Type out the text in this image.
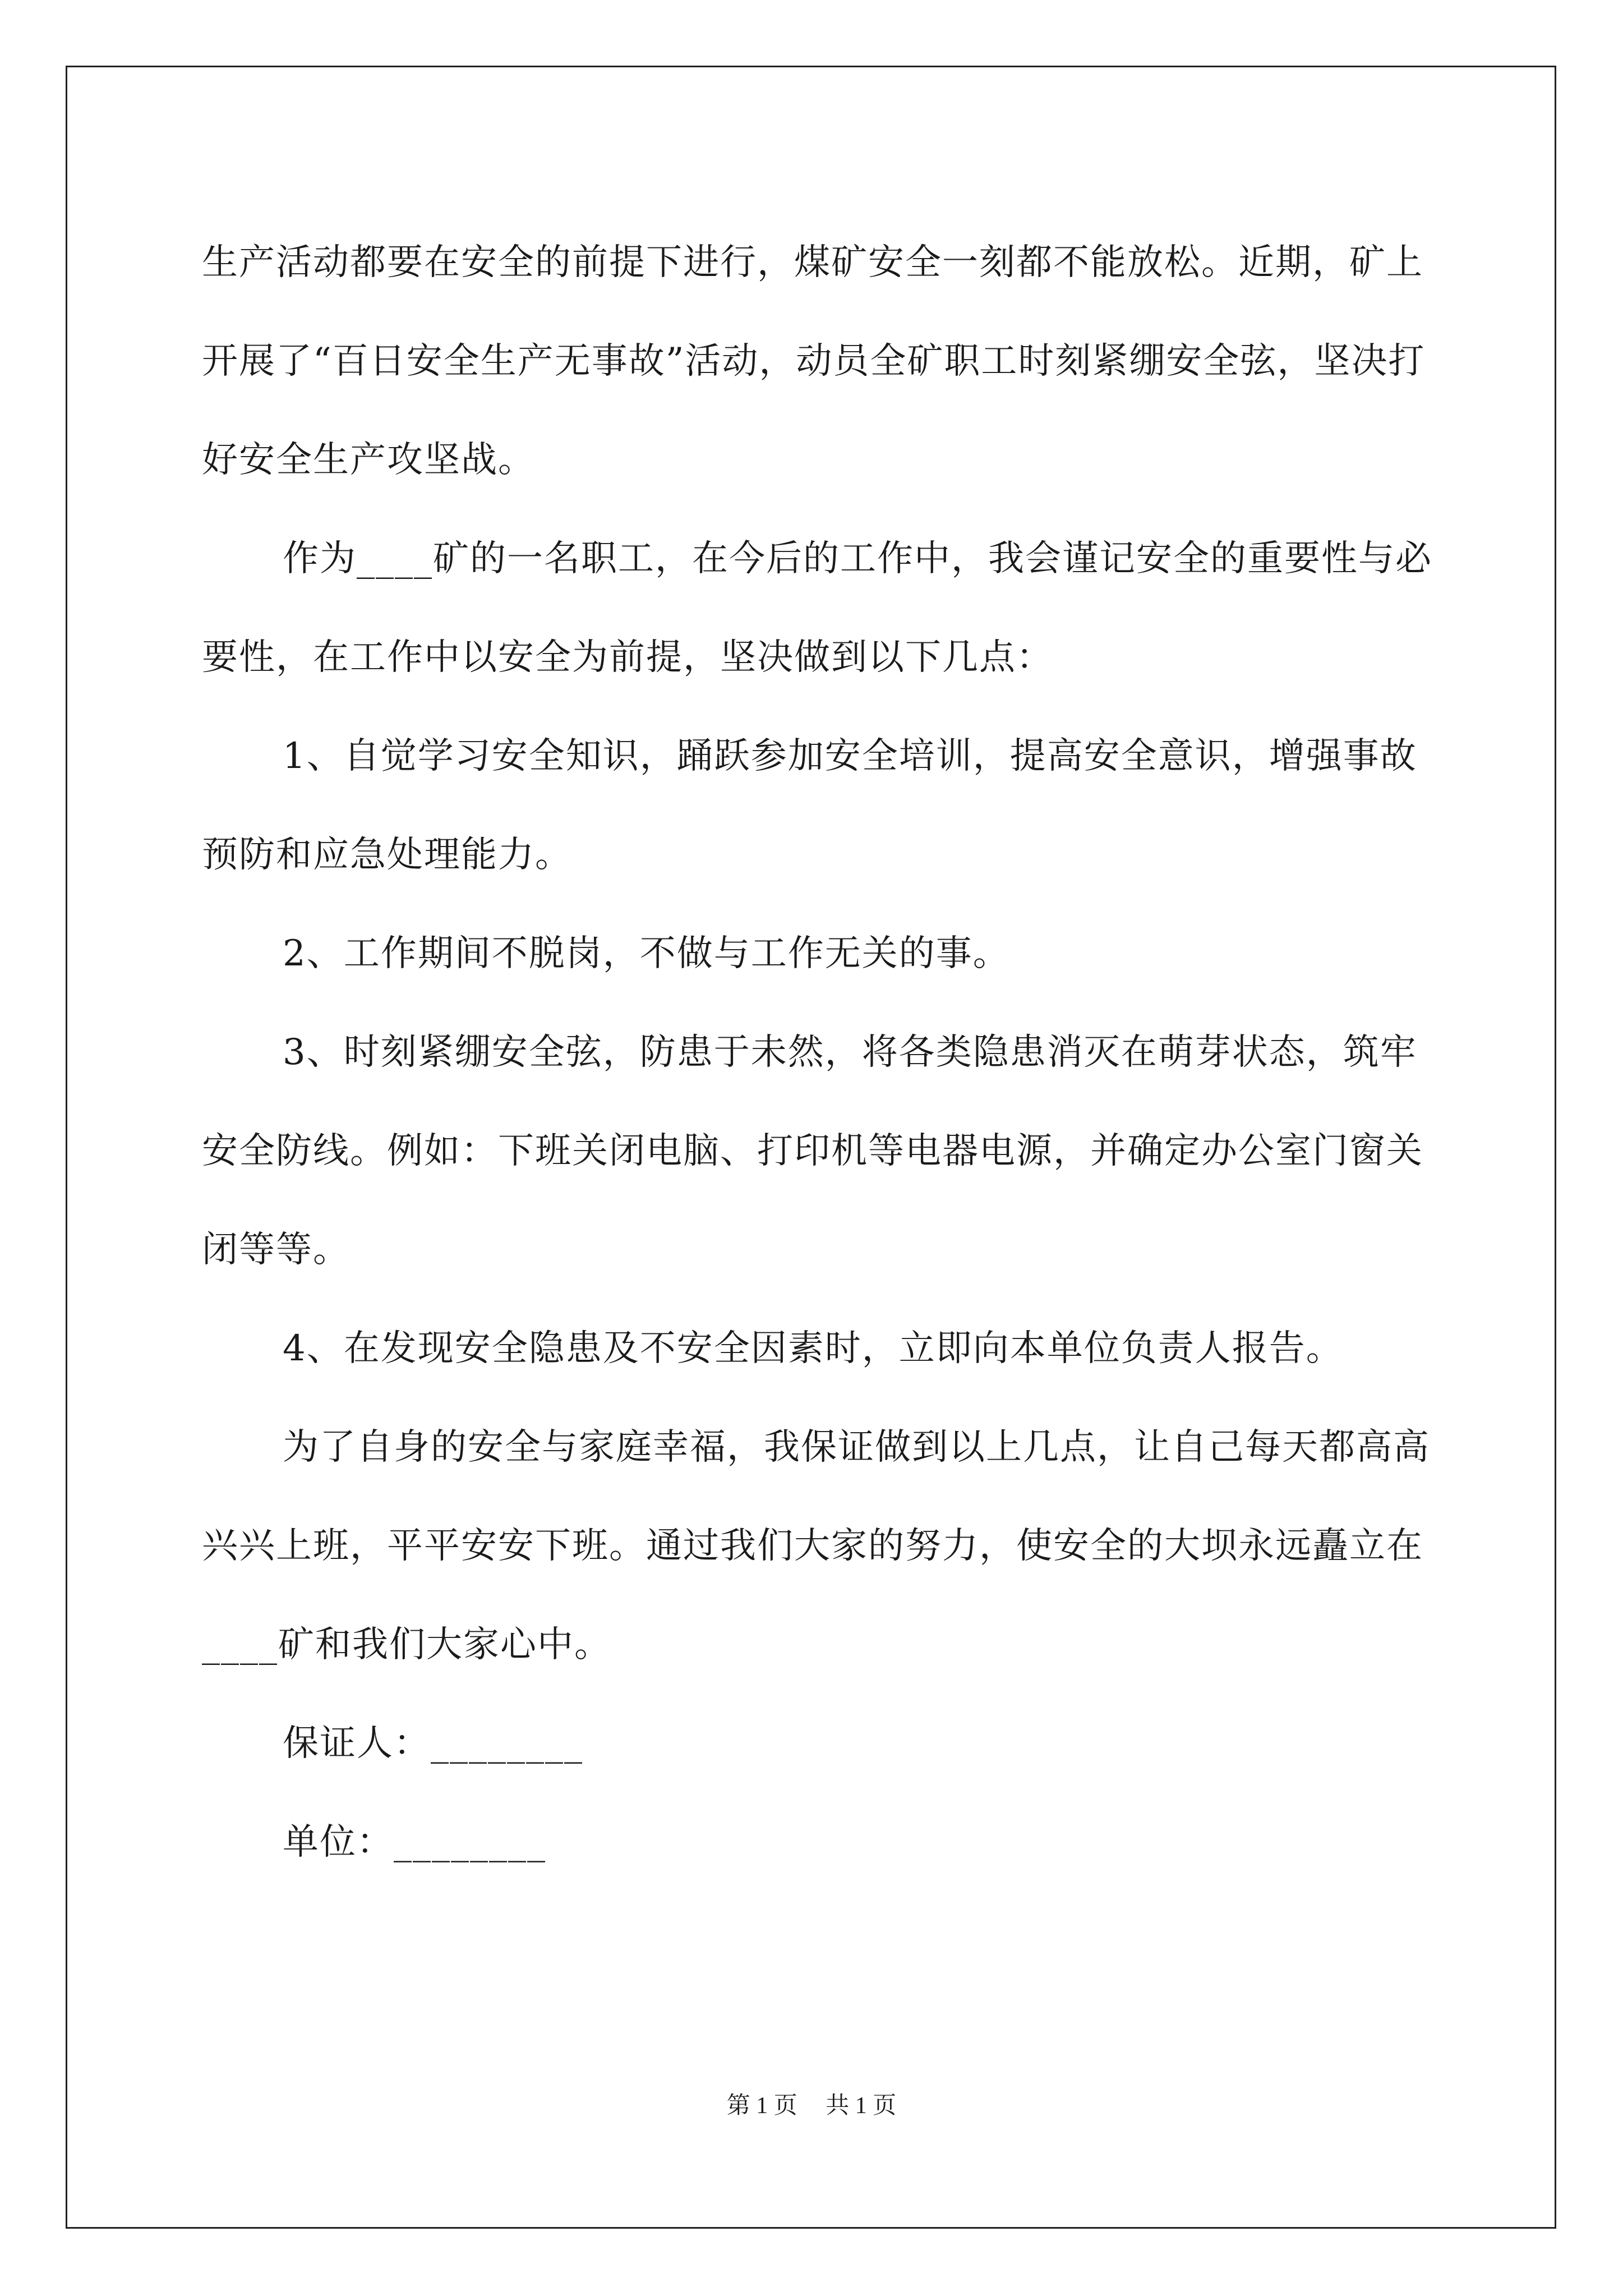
生产活动都要在安全的前提下进行，煤矿安全一刻都不能放松。近期，矿上开展了“百日安全生产无事故”活动，动员全矿职工时刻紧绷安全弦，坚决打好安全生产攻坚战。

作为____矿的一名职工，在今后的工作中，我会谨记安全的重要性与必要性，在工作中以安全为前提，坚决做到以下几点：

1、自觉学习安全知识，踊跃参加安全培训，提高安全意识，增强事故预防和应急处理能力。

2、工作期间不脱岗，不做与工作无关的事。

3、时刻紧绷安全弦，防患于未然，将各类隐患消灭在萌芽状态，筑牢安全防线。例如：下班关闭电脑、打印机等电器电源，并确定办公室门窗关闭等等。

4、在发现安全隐患及不安全因素时，立即向本单位负责人报告。

为了自身的安全与家庭幸福，我保证做到以上几点，让自己每天都高高兴兴上班，平平安安下班。通过我们大家的努力，使安全的大坝永远矗立在____矿和我们大家心中。

保证人：________

单位：________

第 1 页 共 1 页
